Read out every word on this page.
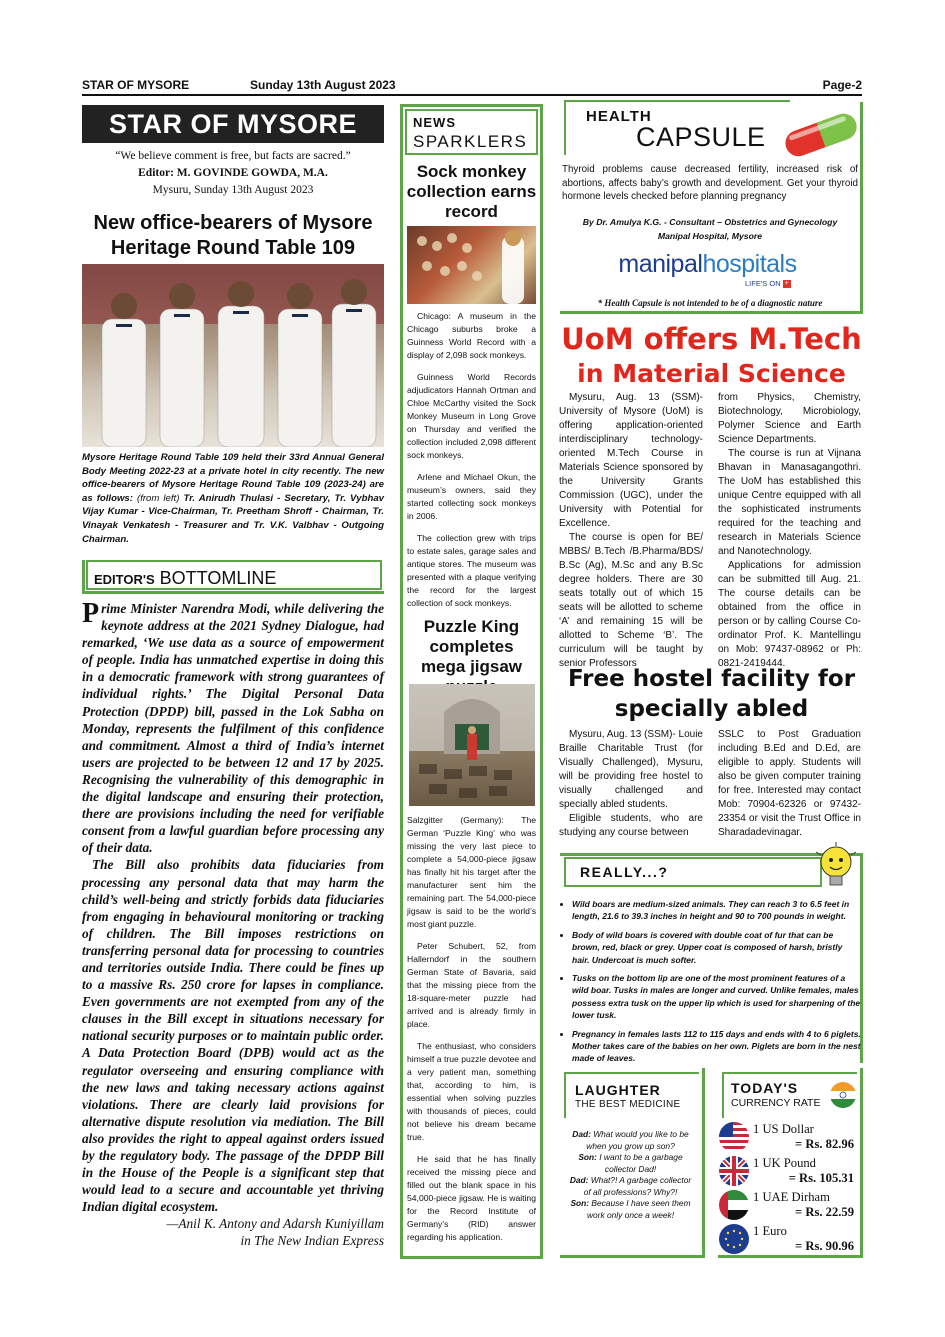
STAR OF MYSORE	Sunday 13th August 2023	Page-2
STAR OF MYSORE
“We believe comment is free, but facts are sacred.”
Editor: M. GOVINDE GOWDA, M.A.
Mysuru, Sunday 13th August 2023
New office-bearers of Mysore Heritage Round Table 109
Mysore Heritage Round Table 109 held their 33rd Annual General Body Meeting 2022-23 at a private hotel in city recently. The new office-bearers of Mysore Heritage Round Table 109 (2023-24) are as follows: (from left) Tr. Anirudh Thulasi - Secretary, Tr. Vybhav Vijay Kumar - Vice-Chairman, Tr. Preetham Shroff - Chairman, Tr. Vinayak Venkatesh - Treasurer and Tr. V.K. Valbhav - Outgoing Chairman.
EDITOR'S BOTTOMLINE

Prime Minister Narendra Modi, while delivering the keynote address at the 2021 Sydney Dialogue, had remarked, ‘We use data as a source of empowerment of people. India has unmatched expertise in doing this in a democratic framework with strong guarantees of individual rights.’ The Digital Personal Data Protection (DPDP) bill, passed in the Lok Sabha on Monday, represents the fulfilment of this confidence and commitment. Almost a third of India’s internet users are projected to be between 12 and 17 by 2025. Recognising the vulnerability of this demographic in the digital landscape and ensuring their protection, there are provisions including the need for verifiable consent from a lawful guardian before processing any of their data.

The Bill also prohibits data fiduciaries from processing any personal data that may harm the child’s well-being and strictly forbids data fiduciaries from engaging in behavioural monitoring or tracking of children. The Bill imposes restrictions on transferring personal data for processing to countries and territories outside India. There could be fines up to a massive Rs. 250 crore for lapses in compliance. Even governments are not exempted from any of the clauses in the Bill except in situations necessary for national security purposes or to maintain public order. A Data Protection Board (DPB) would act as the regulator overseeing and ensuring compliance with the new laws and taking necessary actions against violations. There are clearly laid provisions for alternative dispute resolution via mediation. The Bill also provides the right to appeal against orders issued by the regulatory body. The passage of the DPDP Bill in the House of the People is a significant step that would lead to a secure and accountable yet thriving Indian digital ecosystem.

—Anil K. Antony and Adarsh Kuniyillam
in The New Indian Express
NEWS
SPARKLERS
Sock monkey collection earns record

Chicago: A museum in the Chicago suburbs broke a Guinness World Record with a display of 2,098 sock monkeys.

Guinness World Records adjudicators Hannah Ortman and Chloe McCarthy visited the Sock Monkey Museum in Long Grove on Thursday and verified the collection included 2,098 different sock monkeys.

Arlene and Michael Okun, the museum’s owners, said they started collecting sock monkeys in 2006.

The collection grew with trips to estate sales, garage sales and antique stores. The museum was presented with a plaque verifying the record for the largest collection of sock monkeys.

Puzzle King completes mega jigsaw

Salzgitter (Germany): The German ‘Puzzle King’ who was missing the very last piece to complete a 54,000-piece jigsaw has finally hit his target after the manufacturer sent him the remaining part. The 54,000-piece jigsaw is said to be the world’s most giant puzzle.

Peter Schubert, 52, from Hallerndorf in the southern German State of Bavaria, said that the missing piece from the 18-square-meter puzzle had arrived and is already firmly in place.

The enthusiast, who considers himself a true puzzle devotee and a very patient man, something that, according to him, is essential when solving puzzles with thousands of pieces, could not believe his dream became true.

He said that he has finally received the missing piece and filled out the blank space in his 54,000-piece jigsaw. He is waiting for the Record Institute of Germany’s (RID) answer regarding his application.

HEALTH
CAPSULE
Thyroid problems cause decreased fertility, increased risk of abortions, affects baby’s growth and development. Get your thyroid hormone levels checked before planning pregnancy
By Dr. Amulya K.G. - Consultant – Obstetrics and Gynecology
Manipal Hospital, Mysore
manipalhospitals
LIFE'S ON +
* Health Capsule is not intended to be of a diagnostic nature
UoM offers M.Tech
in Material Science

Mysuru, Aug. 13 (SSM)- University of Mysore (UoM) is offering application-oriented interdisciplinary technology-oriented M.Tech Course in Materials Science sponsored by the University Grants Commission (UGC), under the University with Potential for Excellence.

The course is open for BE/ MBBS/ B.Tech /B.Pharma/BDS/ B.Sc (Ag), M.Sc and any B.Sc degree holders. There are 30 seats totally out of which 15 seats will be allotted to scheme ‘A’ and remaining 15 will be allotted to Scheme ‘B’. The curriculum will be taught by senior Professors

from Physics, Chemistry, Biotechnology, Microbiology, Polymer Science and Earth Science Departments.

The course is run at Vijnana Bhavan in Manasagangothri. The UoM has established this unique Centre equipped with all the sophisticated instruments required for the teaching and research in Materials Science and Nanotechnology.

Applications for admission can be submitted till Aug. 21. The course details can be obtained from the office in person or by calling Course Co-ordinator Prof. K. Mantellingu on Mob: 97437-08962 or Ph: 0821-2419444.

Free hostel facility for
specially abled

Mysuru, Aug. 13 (SSM)- Louie Braille Charitable Trust (for Visually Challenged), Mysuru, will be providing free hostel to visually challenged and specially abled students.

Eligible students, who are studying any course between

SSLC to Post Graduation including B.Ed and D.Ed, are eligible to apply. Students will also be given computer training for free. Interested may contact Mob: 70904-62326 or 97432-23354 or visit the Trust Office in Sharadadevinagar.

REALLY...?
• Wild boars are medium-sized animals. They can reach 3 to 6.5 feet in length, 21.6 to 39.3 inches in height and 90 to 700 pounds in weight.
• Body of wild boars is covered with double coat of fur that can be brown, red, black or grey. Upper coat is composed of harsh, bristly hair. Undercoat is much softer.
• Tusks on the bottom lip are one of the most prominent features of a wild boar. Tusks in males are longer and curved. Unlike females, males possess extra tusk on the upper lip which is used for sharpening of the lower tusk.
• Pregnancy in females lasts 112 to 115 days and ends with 4 to 6 piglets. Mother takes care of the babies on her own. Piglets are born in the nest made of leaves.
LAUGHTER
THE BEST MEDICINE
Dad: What would you like to be when you grow up son?
Son: I want to be a garbage collector Dad!
Dad: What?! A garbage collector of all professions? Why?!
Son: Because I have seen them work only once a week!
TODAY'S
CURRENCY RATE
1 US Dollar
= Rs. 82.96
1 UK Pound
= Rs. 105.31
1 UAE Dirham
= Rs. 22.59
1 Euro
= Rs. 90.96
